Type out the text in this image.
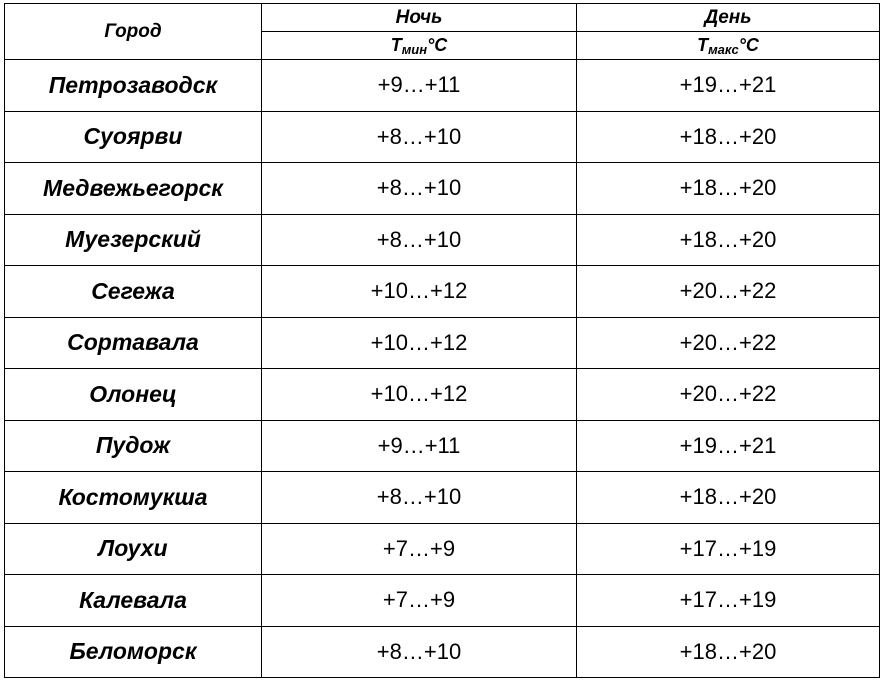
Город	Ночь	День
	$Т_{мин}^\circ С$	$Т_{макс}^\circ С$
Петрозаводск	+9…+11	+19…+21
Суоярви	+8…+10	+18…+20
Медвежьегорск	+8…+10	+18…+20
Муезерский	+8…+10	+18…+20
Сегежа	+10…+12	+20…+22
Сортавала	+10…+12	+20…+22
Олонец	+10…+12	+20…+22
Пудож	+9…+11	+19…+21
Костомукша	+8…+10	+18…+20
Лоухи	+7…+9	+17…+19
Калевала	+7…+9	+17…+19
Беломорск	+8…+10	+18…+20
